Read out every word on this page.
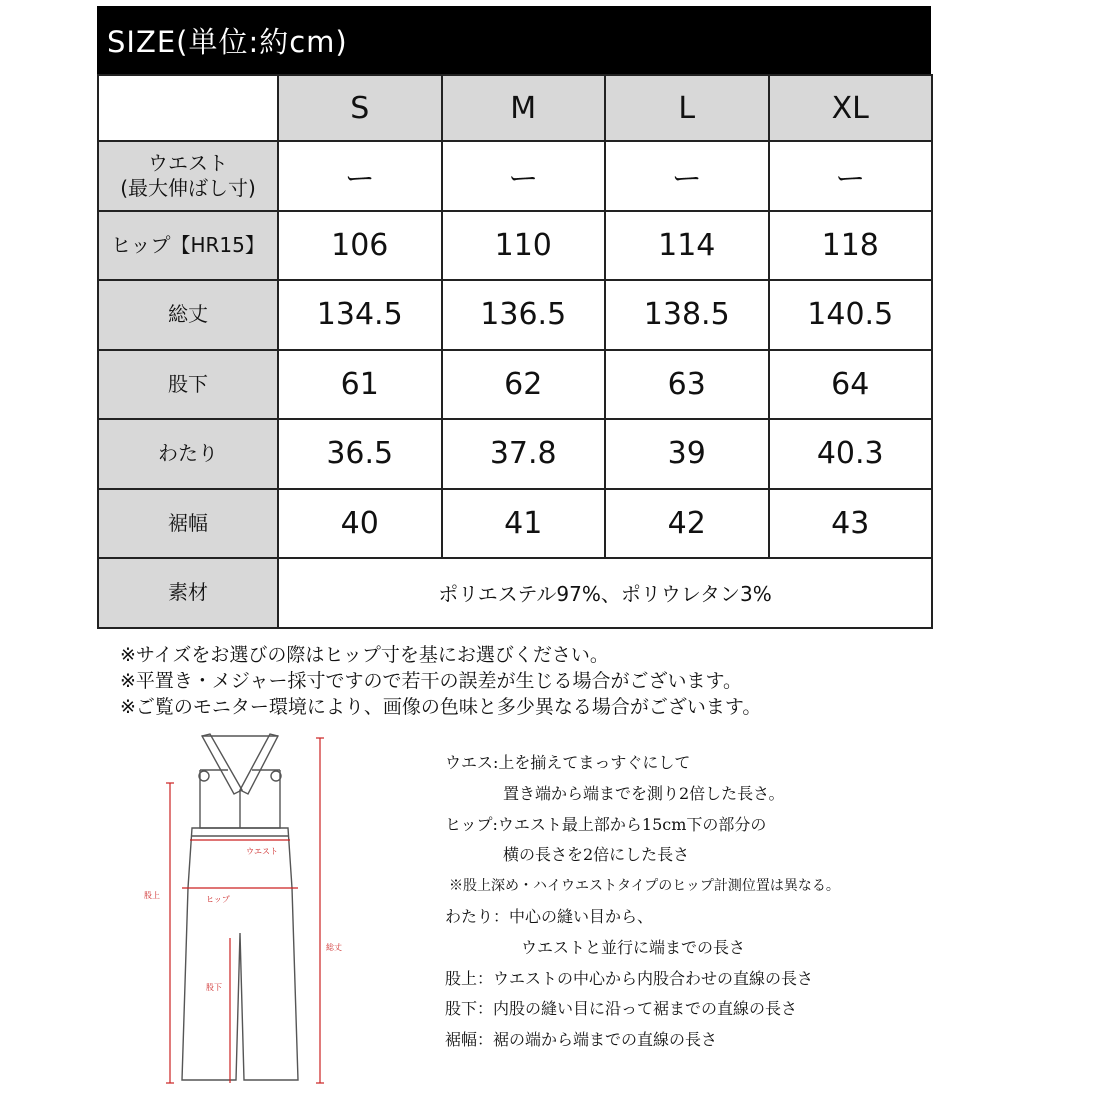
SIZE(単位:約cm)
	S	M	L	XL

ウエスト
(最大伸ばし寸)	ー	ー	ー	ー
ヒップ【HR15】	106	110	114	118
総丈	134.5	136.5	138.5	140.5
股下	61	62	63	64
わたり	36.5	37.8	39	40.3
裾幅	40	41	42	43
素材	ポリエステル97%、ポリウレタン3%			
※サイズをお選びの際はヒップ寸を基にお選びください。
※平置き・メジャー採寸ですので若干の誤差が生じる場合がございます。
※ご覧のモニター環境により、画像の色味と多少異なる場合がございます。
ウエスト
ヒップ
股下
股上
総丈
ウエス:上を揃えてまっすぐにして
置き端から端までを測り2倍した長さ。
ヒップ:ウエスト最上部から15cm下の部分の
横の長さを2倍にした長さ
※股上深め・ハイウエストタイプのヒップ計測位置は異なる。
わたり：中心の縫い目から、
ウエストと並行に端までの長さ
股上：ウエストの中心から内股合わせの直線の長さ
股下：内股の縫い目に沿って裾までの直線の長さ
裾幅：裾の端から端までの直線の長さ
